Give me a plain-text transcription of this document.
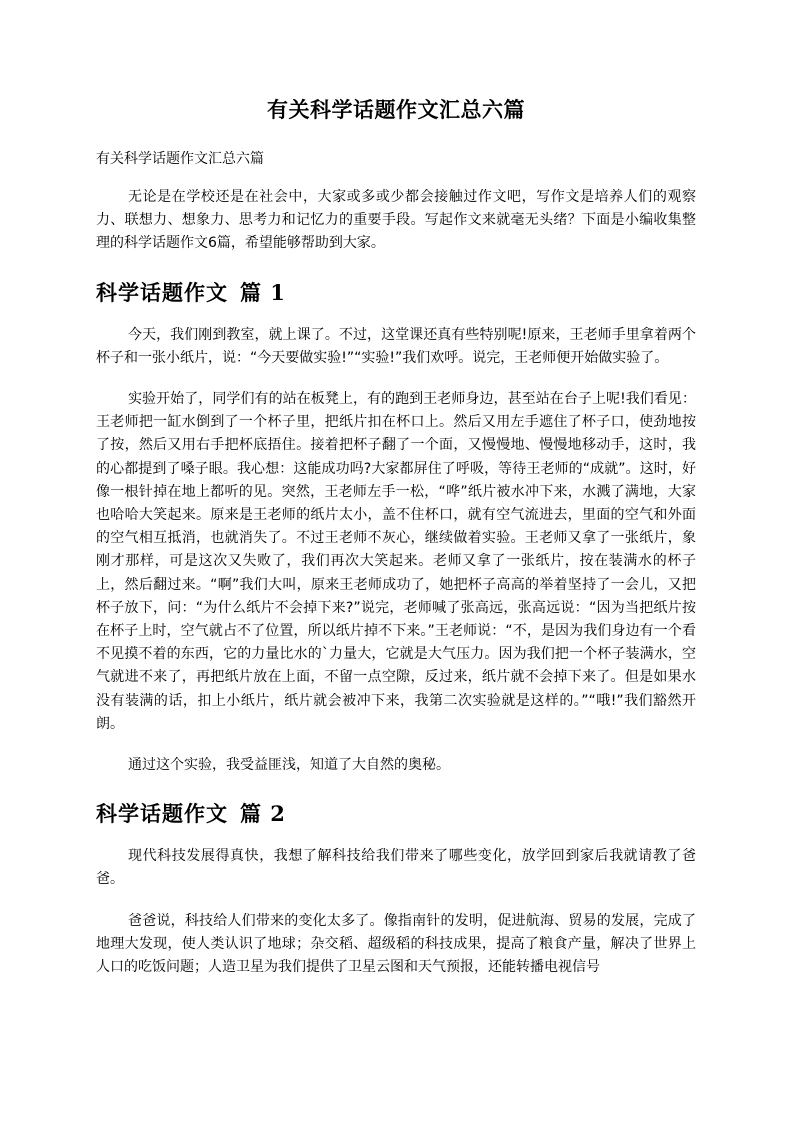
有关科学话题作文汇总六篇
有关科学话题作文汇总六篇

无论是在学校还是在社会中，大家或多或少都会接触过作文吧，写作文是培养人们的观察力、联想力、想象力、思考力和记忆力的重要手段。写起作文来就毫无头绪？下面是小编收集整理的科学话题作文6篇，希望能够帮助到大家。

科学话题作文 篇 1

今天，我们刚到教室，就上课了。不过，这堂课还真有些特别呢!原来，王老师手里拿着两个杯子和一张小纸片，说：“今天要做实验!”“实验!”我们欢呼。说完，王老师便开始做实验了。

实验开始了，同学们有的站在板凳上，有的跑到王老师身边，甚至站在台子上呢!我们看见：王老师把一缸水倒到了一个杯子里，把纸片扣在杯口上。然后又用左手遮住了杯子口，使劲地按了按，然后又用右手把杯底捂住。接着把杯子翻了一个面，又慢慢地、慢慢地移动手，这时，我的心都提到了嗓子眼。我心想：这能成功吗?大家都屏住了呼吸，等待王老师的“成就”。这时，好像一根针掉在地上都听的见。突然，王老师左手一松，“哗”纸片被水冲下来，水溅了满地，大家也哈哈大笑起来。原来是王老师的纸片太小，盖不住杯口，就有空气流进去，里面的空气和外面的空气相互抵消，也就消失了。不过王老师不灰心，继续做着实验。王老师又拿了一张纸片，象刚才那样，可是这次又失败了，我们再次大笑起来。老师又拿了一张纸片，按在装满水的杯子上，然后翻过来。“啊”我们大叫，原来王老师成功了，她把杯子高高的举着坚持了一会儿，又把杯子放下，问：“为什么纸片不会掉下来?”说完，老师喊了张高远，张高远说：“因为当把纸片按在杯子上时，空气就占不了位置，所以纸片掉不下来。”王老师说：“不，是因为我们身边有一个看不见摸不着的东西，它的力量比水的`力量大，它就是大气压力。因为我们把一个杯子装满水，空气就进不来了，再把纸片放在上面，不留一点空隙，反过来，纸片就不会掉下来了。但是如果水没有装满的话，扣上小纸片，纸片就会被冲下来，我第二次实验就是这样的。”“哦!”我们豁然开朗。

通过这个实验，我受益匪浅，知道了大自然的奥秘。

科学话题作文 篇 2

现代科技发展得真快，我想了解科技给我们带来了哪些变化，放学回到家后我就请教了爸爸。

爸爸说，科技给人们带来的变化太多了。像指南针的发明，促进航海、贸易的发展，完成了地理大发现，使人类认识了地球；杂交稻、超级稻的科技成果，提高了粮食产量，解决了世界上人口的吃饭问题；人造卫星为我们提供了卫星云图和天气预报，还能转播电视信号
